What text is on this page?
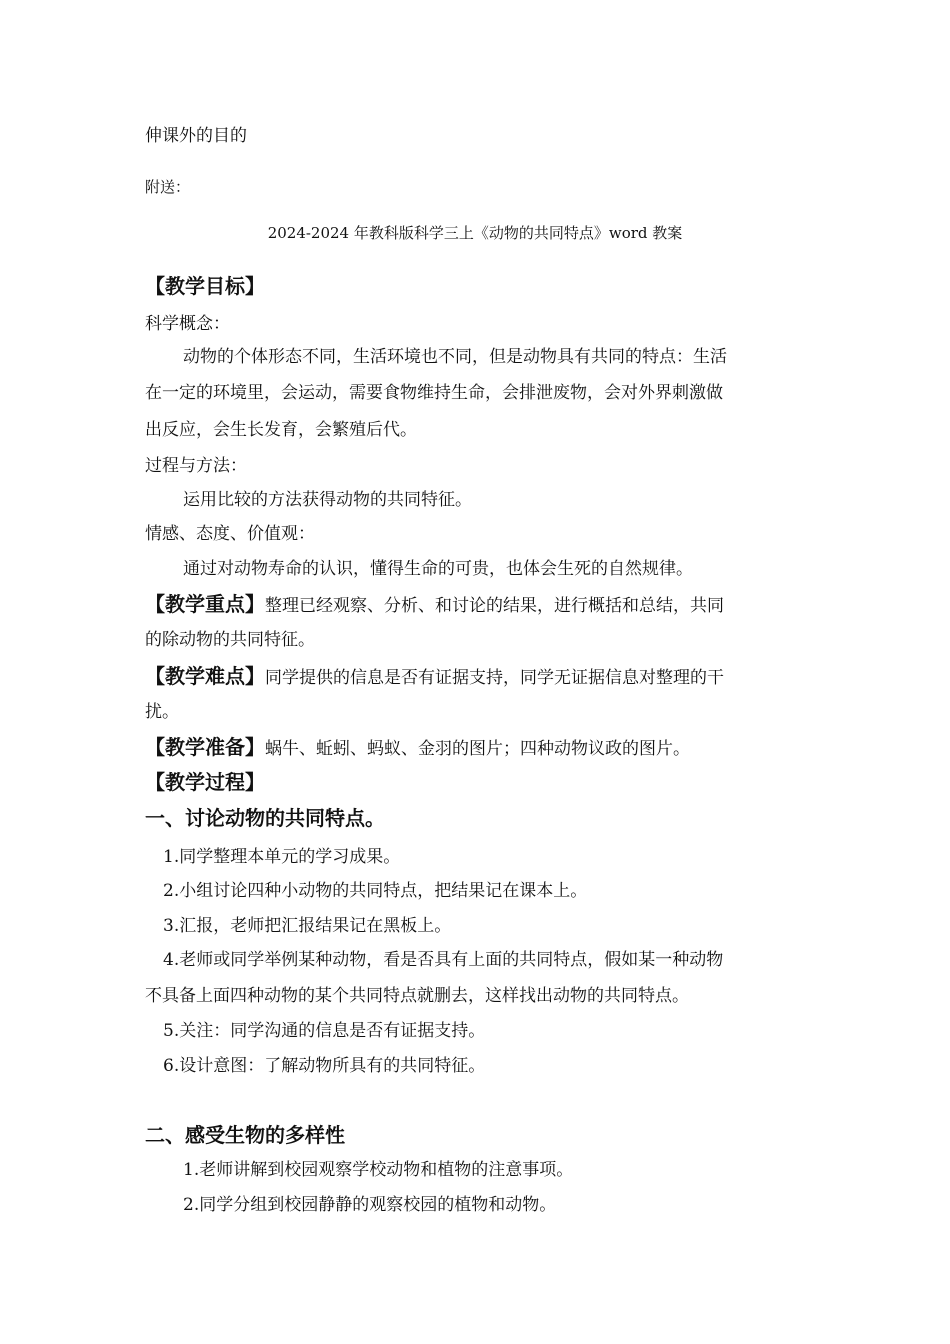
伸课外的目的
附送：
2024-2024 年教科版科学三上《动物的共同特点》word 教案
【教学目标】
科学概念：
动物的个体形态不同，生活环境也不同，但是动物具有共同的特点：生活
在一定的环境里，会运动，需要食物维持生命，会排泄废物，会对外界刺激做
出反应，会生长发育，会繁殖后代。
过程与方法：
运用比较的方法获得动物的共同特征。
情感、态度、价值观：
通过对动物寿命的认识，懂得生命的可贵，也体会生死的自然规律。
【教学重点】整理已经观察、分析、和讨论的结果，进行概括和总结，共同
的除动物的共同特征。
【教学难点】同学提供的信息是否有证据支持，同学无证据信息对整理的干
扰。
【教学准备】蜗牛、蚯蚓、蚂蚁、金羽的图片；四种动物议政的图片。
【教学过程】
一、讨论动物的共同特点。
1.同学整理本单元的学习成果。
2.小组讨论四种小动物的共同特点，把结果记在课本上。
3.汇报，老师把汇报结果记在黑板上。
4.老师或同学举例某种动物，看是否具有上面的共同特点，假如某一种动物
不具备上面四种动物的某个共同特点就删去，这样找出动物的共同特点。
5.关注：同学沟通的信息是否有证据支持。
6.设计意图：了解动物所具有的共同特征。
二、感受生物的多样性
1.老师讲解到校园观察学校动物和植物的注意事项。
2.同学分组到校园静静的观察校园的植物和动物。
